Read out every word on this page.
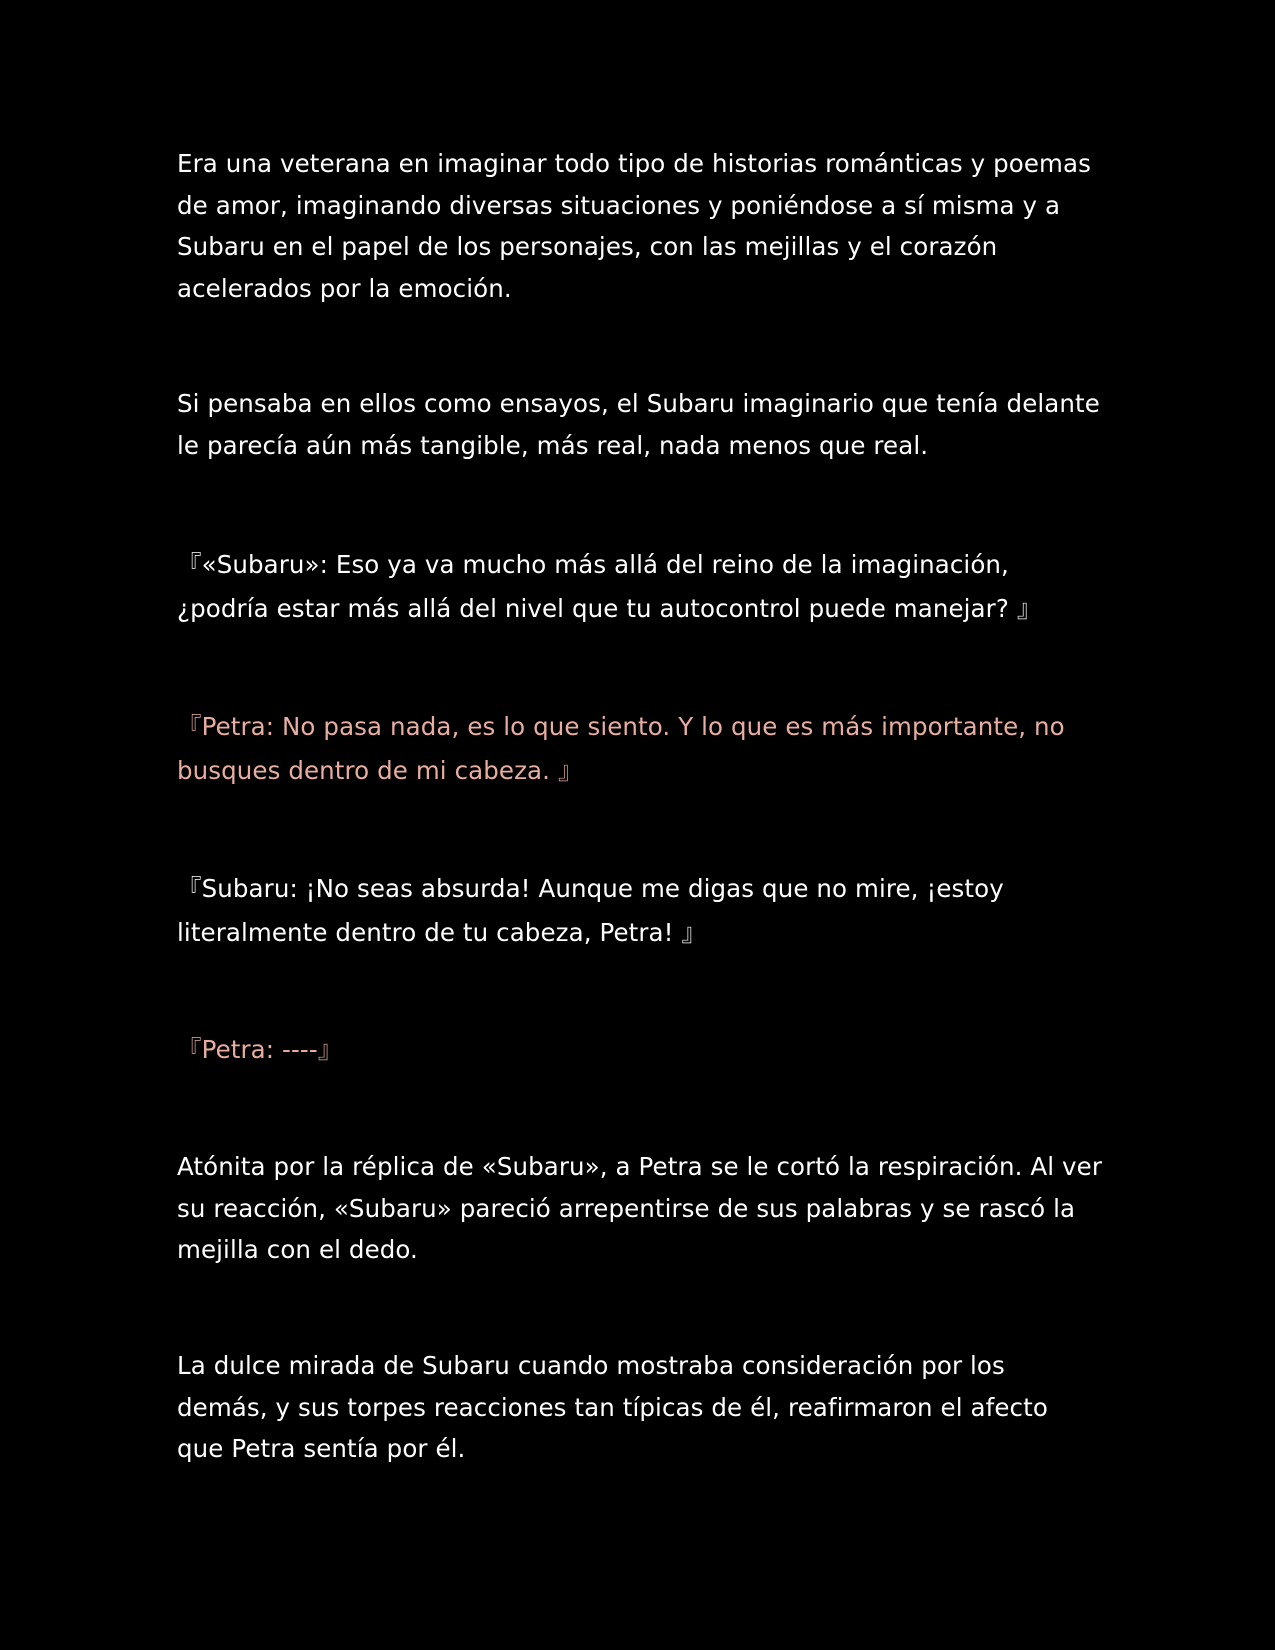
Era una veterana en imaginar todo tipo de historias románticas y poemas de amor, imaginando diversas situaciones y poniéndose a sí misma y a Subaru en el papel de los personajes, con las mejillas y el corazón acelerados por la emoción.

Si pensaba en ellos como ensayos, el Subaru imaginario que tenía delante le parecía aún más tangible, más real, nada menos que real.

『«Subaru»: Eso ya va mucho más allá del reino de la imaginación, ¿podría estar más allá del nivel que tu autocontrol puede manejar? 』

『Petra: No pasa nada, es lo que siento. Y lo que es más importante, no busques dentro de mi cabeza. 』

『Subaru: ¡No seas absurda! Aunque me digas que no mire, ¡estoy literalmente dentro de tu cabeza, Petra! 』

『Petra: ----』

Atónita por la réplica de «Subaru», a Petra se le cortó la respiración. Al ver su reacción, «Subaru» pareció arrepentirse de sus palabras y se rascó la mejilla con el dedo.

La dulce mirada de Subaru cuando mostraba consideración por los demás, y sus torpes reacciones tan típicas de él, reafirmaron el afecto que Petra sentía por él.
